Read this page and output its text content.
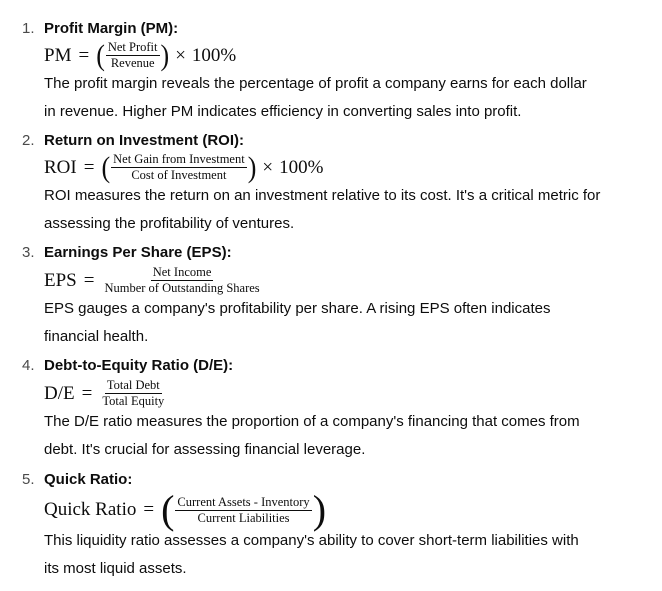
1. Profit Margin (PM):
PM = ( $\frac{\text{Net Profit}}{\text{Revenue}}$ ) × 100%
The profit margin reveals the percentage of profit a company earns for each dollar
in revenue. Higher PM indicates efficiency in converting sales into profit.
2. Return on Investment (ROI):
ROI = ( $\frac{\text{Net Gain from Investment}}{\text{Cost of Investment}}$ ) × 100%
ROI measures the return on an investment relative to its cost. It's a critical metric for
assessing the profitability of ventures.
3. Earnings Per Share (EPS):
EPS = $\frac{\text{Net Income}}{\text{Number of Outstanding Shares}}$
EPS gauges a company's profitability per share. A rising EPS often indicates
financial health.
4. Debt-to-Equity Ratio (D/E):
$D/E = \frac{\text{Total Debt}}{\text{Total Equity}}$
The D/E ratio measures the proportion of a company's financing that comes from
debt. It's crucial for assessing financial leverage.
5. Quick Ratio:
Quick Ratio = ( $\frac{\text{Current Assets - Inventory}}{\text{Current Liabilities}}$ )
This liquidity ratio assesses a company's ability to cover short-term liabilities with
its most liquid assets.
